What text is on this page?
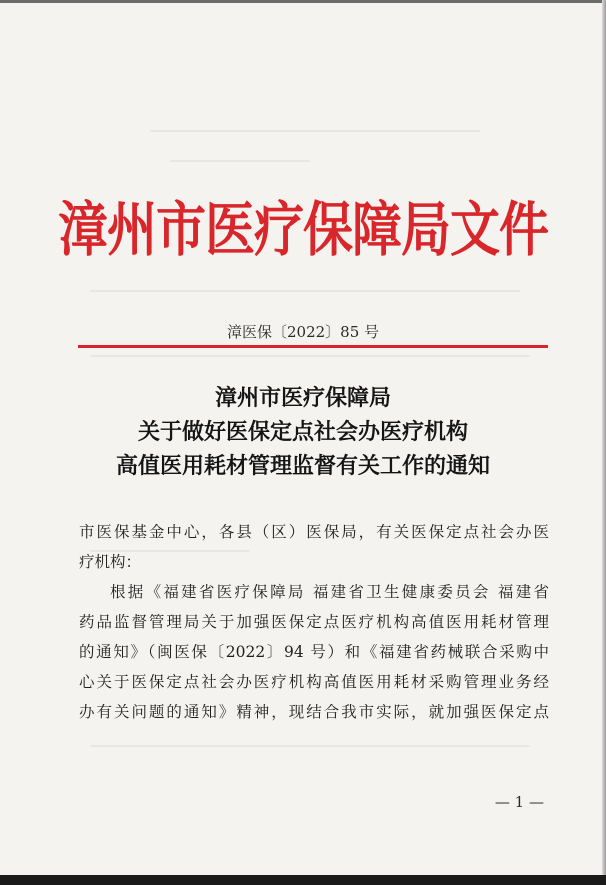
漳州市医疗保障局文件
漳医保〔2022〕85 号
漳州市医疗保障局
关于做好医保定点社会办医疗机构
高值医用耗材管理监督有关工作的通知
市医保基金中心，各县（区）医保局，有关医保定点社会办医
疗机构：
根据《福建省医疗保障局 福建省卫生健康委员会 福建省
药品监督管理局关于加强医保定点医疗机构高值医用耗材管理
的通知》（闽医保〔2022〕94 号）和《福建省药械联合采购中
心关于医保定点社会办医疗机构高值医用耗材采购管理业务经
办有关问题的通知》精神，现结合我市实际，就加强医保定点
— 1 —
